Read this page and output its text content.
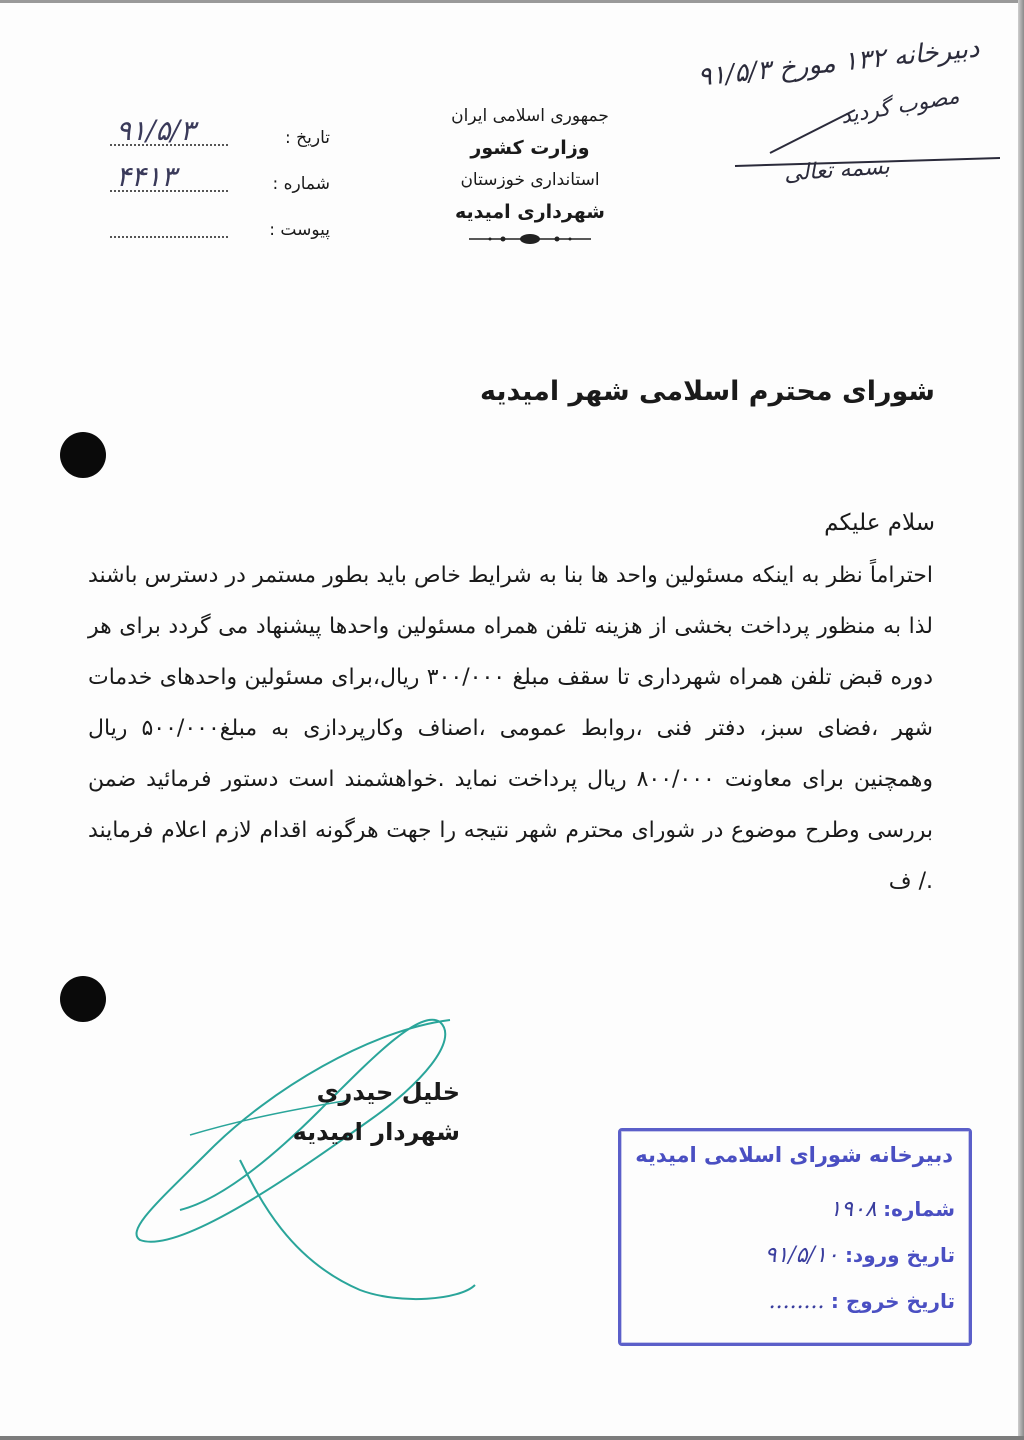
دبیرخانه ۱۳۲ مورخ ۹۱/۵/۳
مصوب گردید
بسمه تعالی
جمهوری اسلامی ایران
وزارت کشور
استانداری خوزستان
شهرداری امیدیه
تاریخ :
۹۱/۵/۳
شماره :
۴۴۱۳
پیوست :
شورای محترم اسلامی شهر امیدیه
سلام علیکم
احتراماً نظر به اینکه مسئولین واحد ها بنا به شرایط خاص باید بطور مستمر در دسترس باشند لذا به منظور پرداخت بخشی از هزینه تلفن همراه مسئولین واحدها پیشنهاد می گردد برای هر دوره قبض تلفن همراه شهرداری تا سقف مبلغ ۳۰۰/۰۰۰ ریال،برای مسئولین واحدهای خدمات شهر ،فضای سبز، دفتر فنی ،روابط عمومی ،اصناف وکارپردازی به مبلغ۵۰۰/۰۰۰ ریال وهمچنین برای معاونت ۸۰۰/۰۰۰ ریال پرداخت نماید .خواهشمند است دستور فرمائید ضمن بررسی وطرح موضوع در شورای محترم شهر نتیجه را جهت هرگونه اقدام لازم اعلام فرمایند ./ ف
خلیل حیدری
شهردار امیدیه
دبیرخانه شورای اسلامی امیدیه
شماره: ۱۹۰۸
تاریخ ورود: ۹۱/۵/۱۰
تاریخ خروج : ........
